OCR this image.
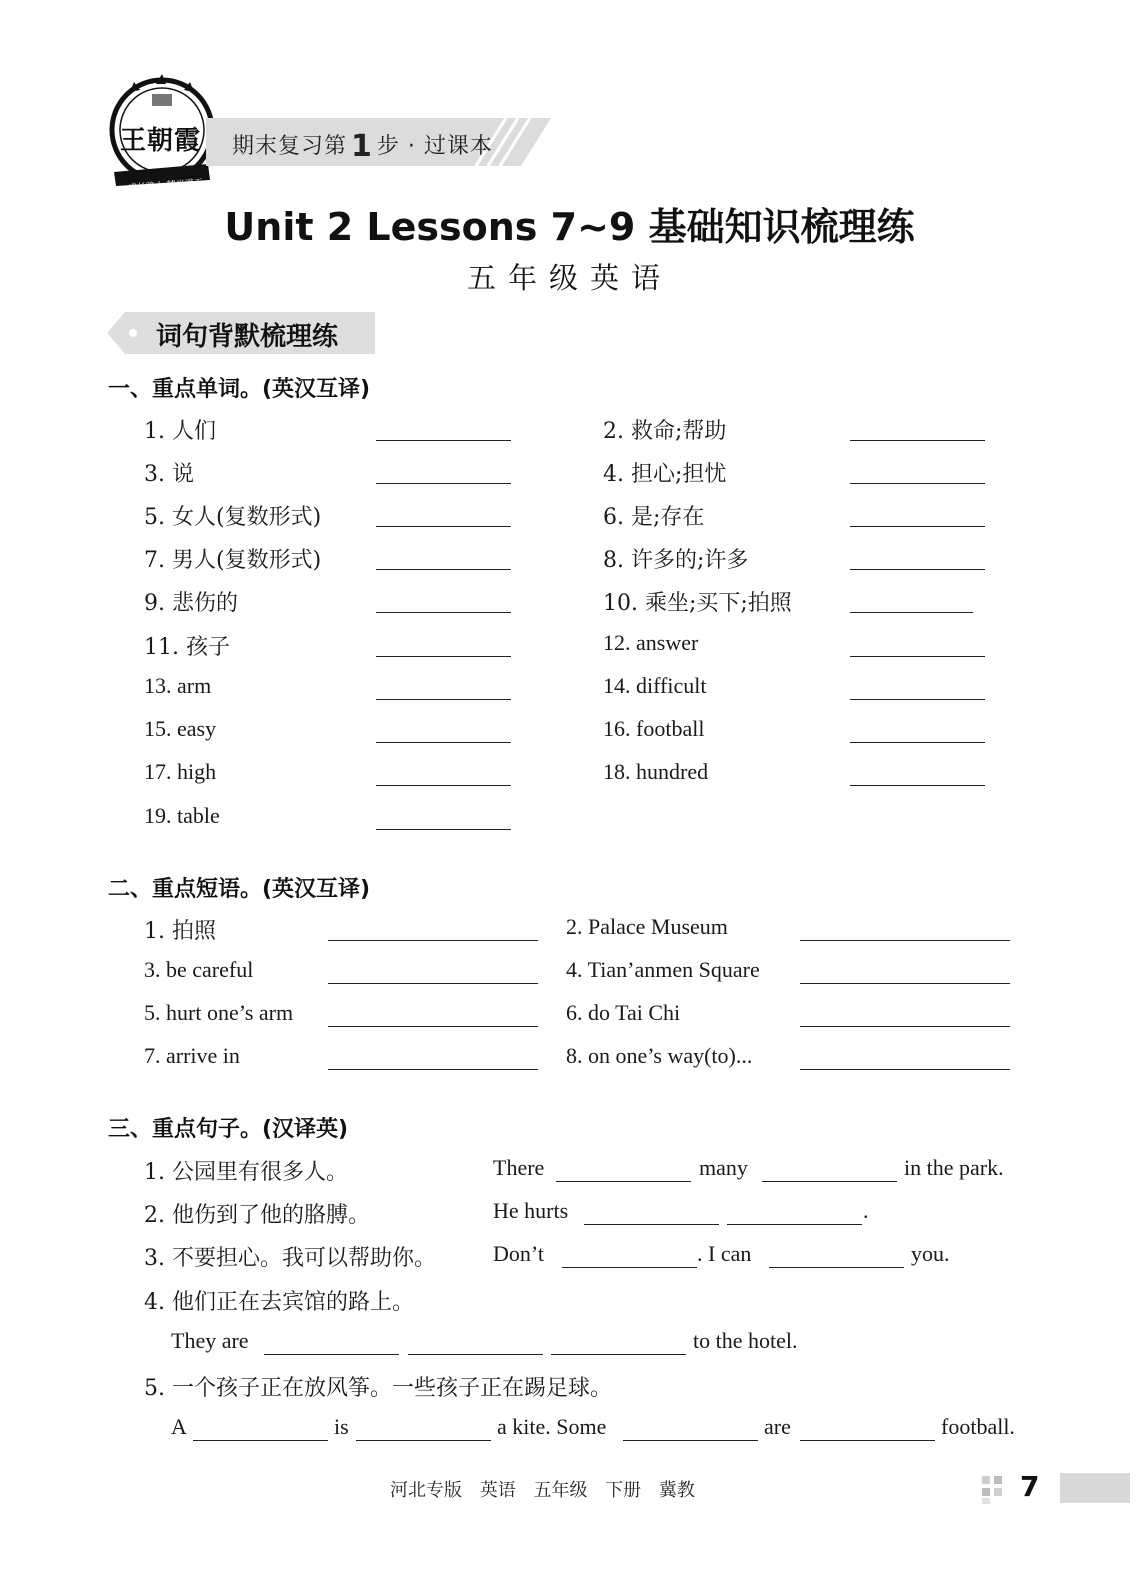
王朝霞
成长路上 精光满天
期末复习第 1 步 · 过课本
Unit 2 Lessons 7~9 基础知识梳理练
五年级英语
词句背默梳理练
一、重点单词。(英汉互译)
1. 人们	2. 救命;帮助
3. 说	4. 担心;担忧
5. 女人(复数形式)	6. 是;存在
7. 男人(复数形式)	8. 许多的;许多
9. 悲伤的	10. 乘坐;买下;拍照
11. 孩子	12. answer
13. arm	14. difficult
15. easy	16. football
17. high	18. hundred
19. table
二、重点短语。(英汉互译)
1. 拍照	2. Palace Museum
3. be careful	4. Tian’anmen Square
5. hurt one’s arm	6. do Tai Chi
7. arrive in	8. on one’s way(to)...
三、重点句子。(汉译英)
1. 公园里有很多人。	There	many	in the park.
2. 他伤到了他的胳膊。	He hurts	.
3. 不要担心。我可以帮助你。	Don’t	. I can	you.
4. 他们正在去宾馆的路上。
They are	to the hotel.
5. 一个孩子正在放风筝。一些孩子正在踢足球。
A	is	a kite. Some	are	football.
河北专版 英语 五年级 下册 冀教	7
